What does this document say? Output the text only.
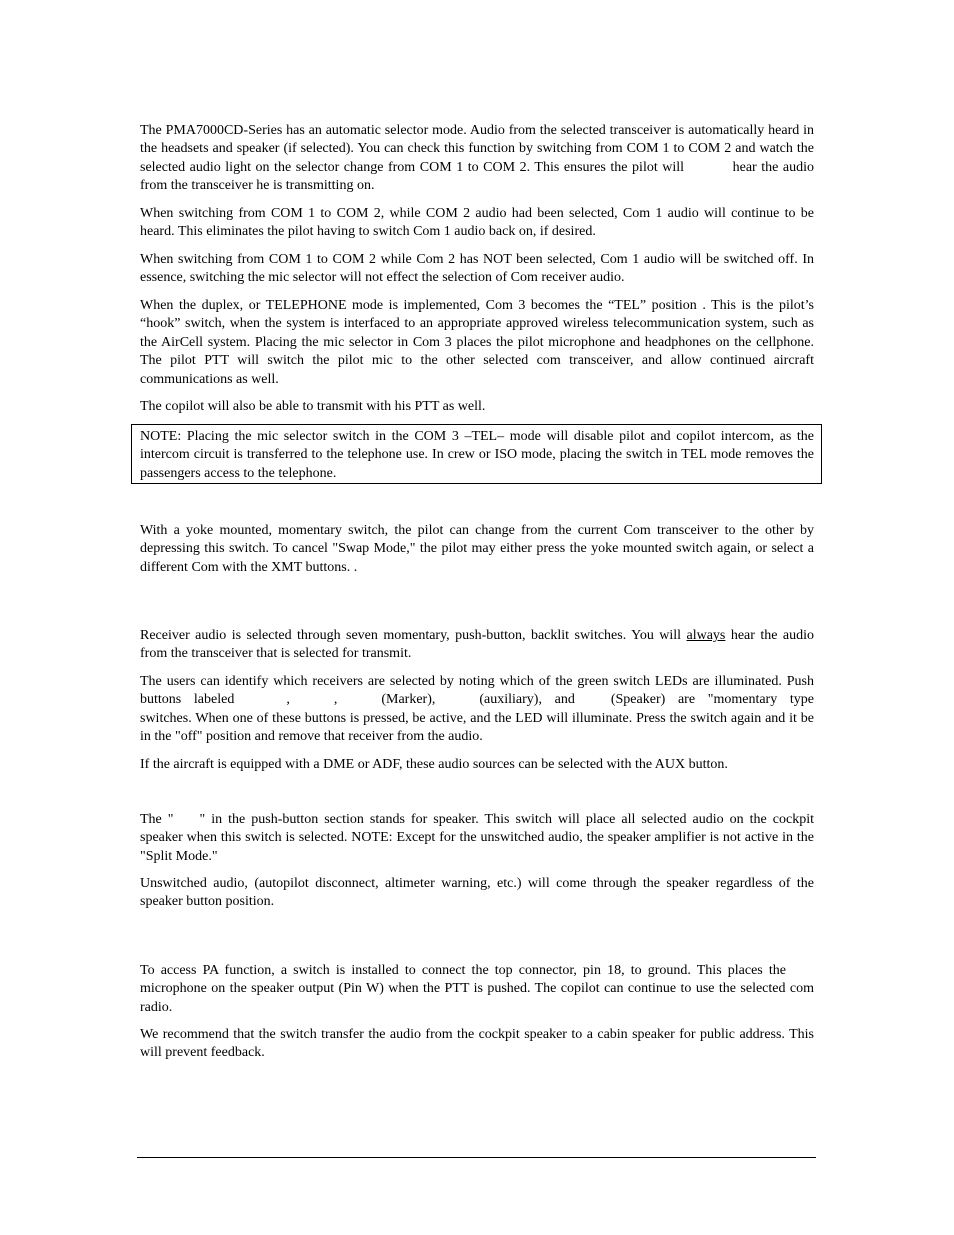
The PMA7000CD-Series has an automatic selector mode. Audio from the selected transceiver is automatically heard in the headsets and speaker (if selected). You can check this function by switching from COM 1 to COM 2 and watch the selected audio light on the selector change from COM 1 to COM 2. This ensures the pilot will	hear the audio from the transceiver he is transmitting on.

When switching from COM 1 to COM 2, while COM 2 audio had been selected, Com 1 audio will continue to be heard. This eliminates the pilot having to switch Com 1 audio back on, if desired.

When switching from COM 1 to COM 2 while Com 2 has NOT been selected, Com 1 audio will be switched off. In essence, switching the mic selector will not effect the selection of Com receiver audio.

When the duplex, or TELEPHONE mode is implemented, Com 3 becomes the “TEL” position . This is the pilot’s “hook” switch, when the system is interfaced to an appropriate approved wireless telecommunication system, such as the AirCell system. Placing the mic selector in Com 3 places the pilot microphone and headphones on the cellphone. The pilot PTT will switch the pilot mic to the other selected com transceiver, and allow continued aircraft communications as well.

The copilot will also be able to transmit with his PTT as well.

NOTE: Placing the mic selector switch in the COM 3 –TEL– mode will disable pilot and copilot intercom, as the intercom circuit is transferred to the telephone use. In crew or ISO mode, placing the switch in TEL mode removes the passengers access to the telephone.

With a yoke mounted, momentary switch, the pilot can change from the current Com transceiver to the other by depressing this switch. To cancel "Swap Mode," the pilot may either press the yoke mounted switch again, or select a different Com with the XMT buttons. .

Receiver audio is selected through seven momentary, push-button, backlit switches. You will always hear the audio from the transceiver that is selected for transmit.

The users can identify which receivers are selected by noting which of the green switch LEDs are illuminated. Push buttons labeled	,	,	(Marker),	(auxiliary), and	(Speaker) are "momentary type switches. When one of these buttons is pressed, be active, and the LED will illuminate. Press the switch again and it be in the "off" position and remove that receiver from the audio.

If the aircraft is equipped with a DME or ADF, these audio sources can be selected with the AUX button.

The " " in the push-button section stands for speaker. This switch will place all selected audio on the cockpit speaker when this switch is selected. NOTE: Except for the unswitched audio, the speaker amplifier is not active in the "Split Mode."

Unswitched audio, (autopilot disconnect, altimeter warning, etc.) will come through the speaker regardless of the speaker button position.

To access PA function, a switch is installed to connect the top connector, pin 18, to ground. This places themicrophone on the speaker output (Pin W) when the PTT is pushed. The copilot can continue to use the selected com radio.

We recommend that the switch transfer the audio from the cockpit speaker to a cabin speaker for public address. This will prevent feedback.
